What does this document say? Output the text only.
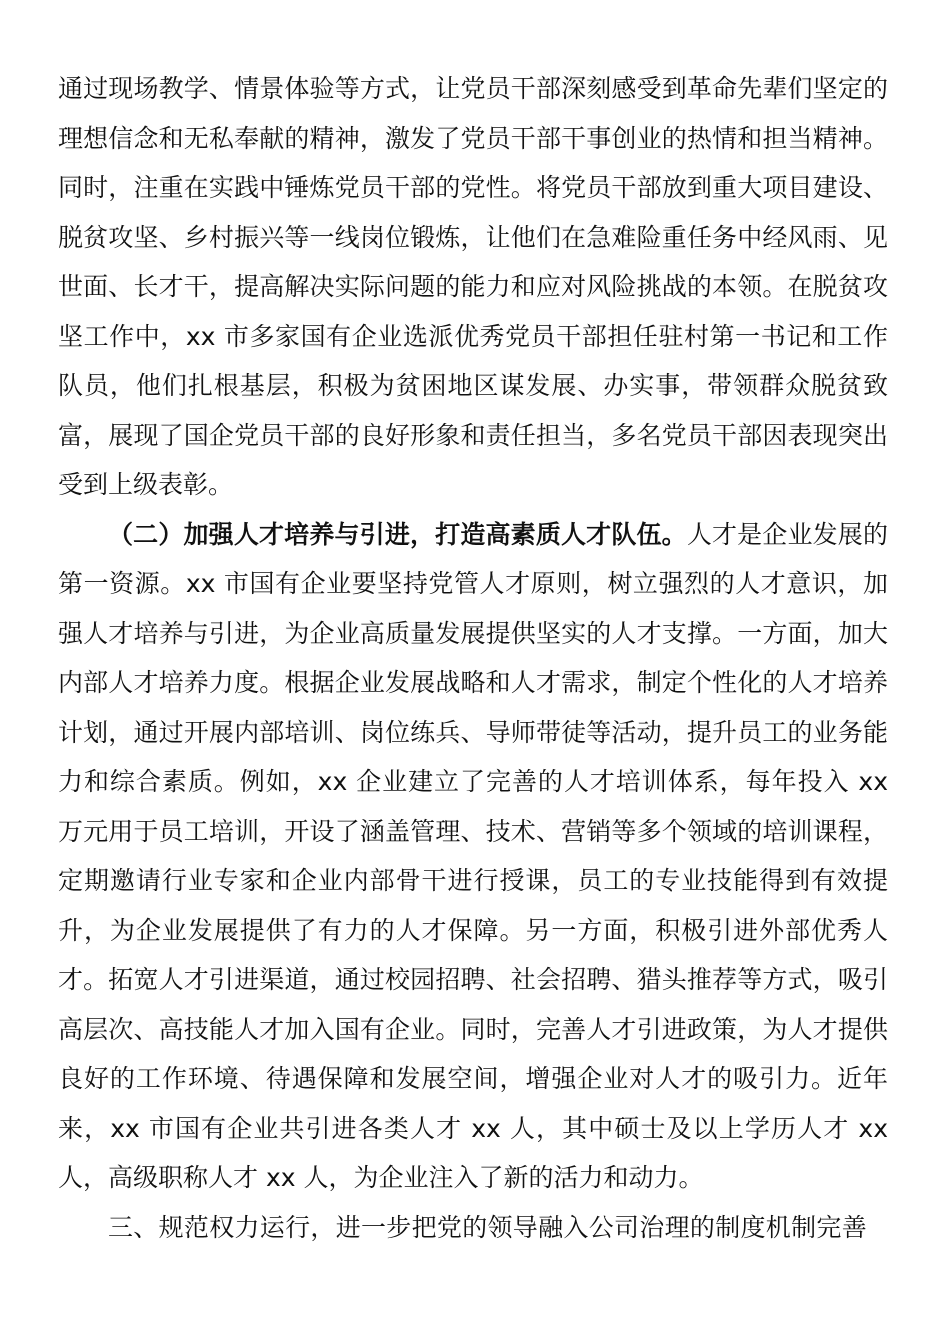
通过现场教学、情景体验等方式，让党员干部深刻感受到革命先辈们坚定的理想信念和无私奉献的精神，激发了党员干部干事创业的热情和担当精神。同时，注重在实践中锤炼党员干部的党性。将党员干部放到重大项目建设、脱贫攻坚、乡村振兴等一线岗位锻炼，让他们在急难险重任务中经风雨、见世面、长才干，提高解决实际问题的能力和应对风险挑战的本领。在脱贫攻坚工作中，xx 市多家国有企业选派优秀党员干部担任驻村第一书记和工作队员，他们扎根基层，积极为贫困地区谋发展、办实事，带领群众脱贫致富，展现了国企党员干部的良好形象和责任担当，多名党员干部因表现突出受到上级表彰。

（二）加强人才培养与引进，打造高素质人才队伍。人才是企业发展的第一资源。xx 市国有企业要坚持党管人才原则，树立强烈的人才意识，加强人才培养与引进，为企业高质量发展提供坚实的人才支撑。一方面，加大内部人才培养力度。根据企业发展战略和人才需求，制定个性化的人才培养计划，通过开展内部培训、岗位练兵、导师带徒等活动，提升员工的业务能力和综合素质。例如，xx 企业建立了完善的人才培训体系，每年投入 xx 万元用于员工培训，开设了涵盖管理、技术、营销等多个领域的培训课程，定期邀请行业专家和企业内部骨干进行授课，员工的专业技能得到有效提升，为企业发展提供了有力的人才保障。另一方面，积极引进外部优秀人才。拓宽人才引进渠道，通过校园招聘、社会招聘、猎头推荐等方式，吸引高层次、高技能人才加入国有企业。同时，完善人才引进政策，为人才提供良好的工作环境、待遇保障和发展空间，增强企业对人才的吸引力。近年来，xx 市国有企业共引进各类人才 xx 人，其中硕士及以上学历人才 xx 人，高级职称人才 xx 人，为企业注入了新的活力和动力。

三、规范权力运行，进一步把党的领导融入公司治理的制度机制完善
